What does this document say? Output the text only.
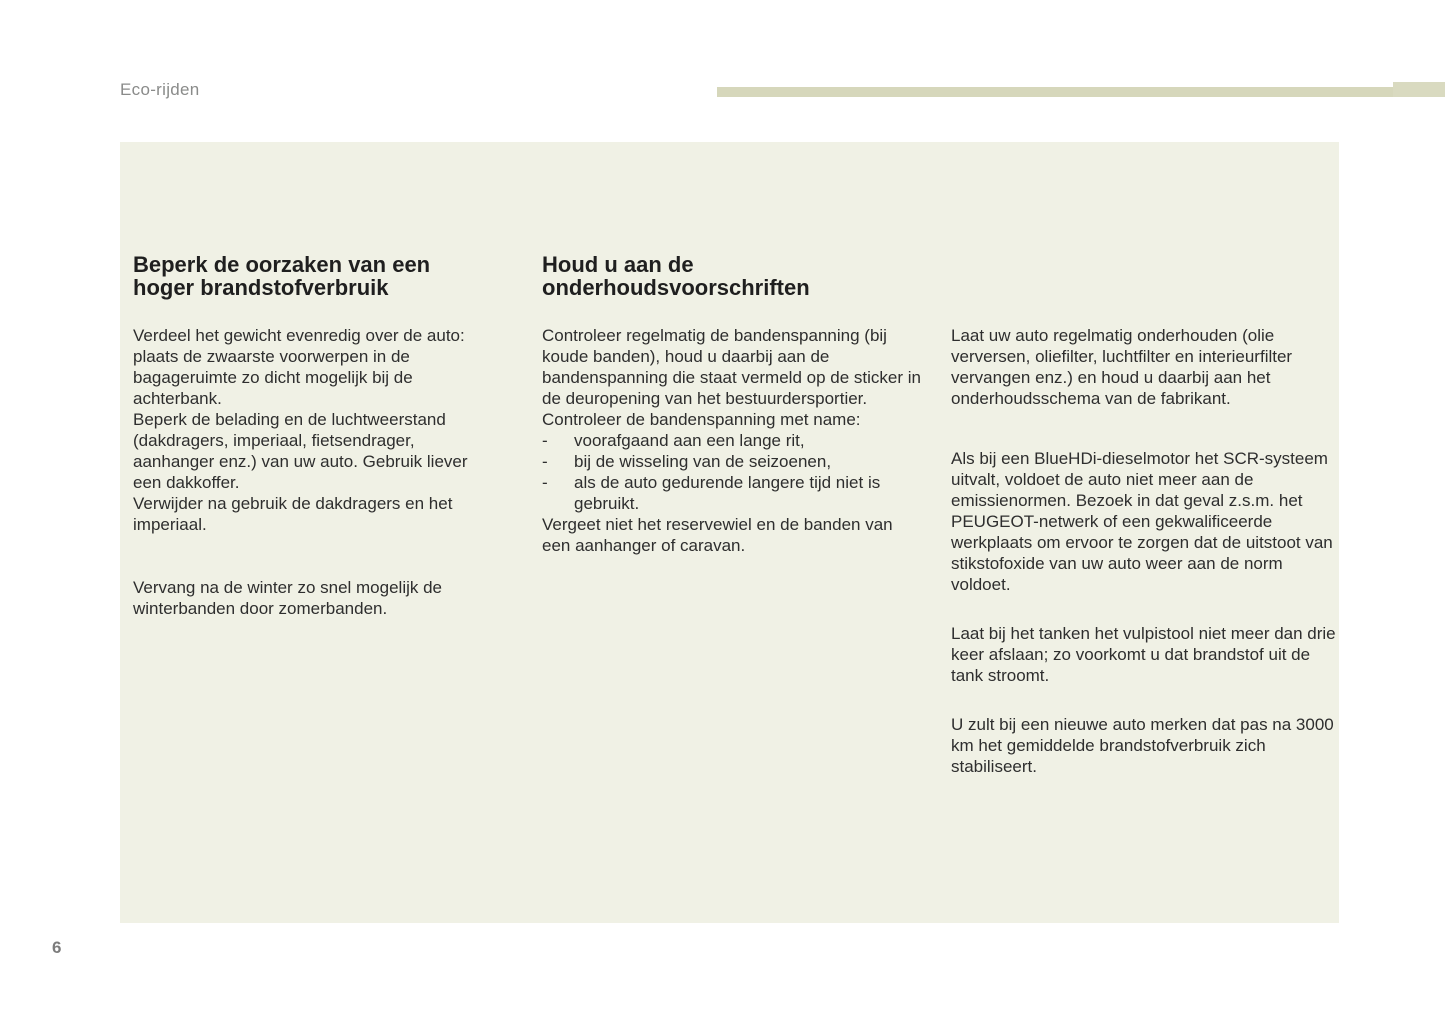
Eco-rijden
Beperk de oorzaken van een hoger brandstofverbruik

Verdeel het gewicht evenredig over de auto: plaats de zwaarste voorwerpen in de bagageruimte zo dicht mogelijk bij de achterbank.

Beperk de belading en de luchtweerstand (dakdragers, imperiaal, fietsendrager, aanhanger enz.) van uw auto. Gebruik liever een dakkoffer.

Verwijder na gebruik de dakdragers en het imperiaal.

Vervang na de winter zo snel mogelijk de winterbanden door zomerbanden.

Houd u aan de onderhoudsvoorschriften

Controleer regelmatig de bandenspanning (bij koude banden), houd u daarbij aan de bandenspanning die staat vermeld op de sticker in de deuropening van het bestuurdersportier.

Controleer de bandenspanning met name:

-	voorafgaand aan een lange rit,
-	bij de wisseling van de seizoenen,
-	als de auto gedurende langere tijd niet is gebruikt.

Vergeet niet het reservewiel en de banden van een aanhanger of caravan.

Laat uw auto regelmatig onderhouden (olie verversen, oliefilter, luchtfilter en interieurfilter vervangen enz.) en houd u daarbij aan het onderhoudsschema van de fabrikant.

Als bij een BlueHDi-dieselmotor het SCR-systeem uitvalt, voldoet de auto niet meer aan de emissienormen. Bezoek in dat geval z.s.m. het PEUGEOT-netwerk of een gekwalificeerde werkplaats om ervoor te zorgen dat de uitstoot van stikstofoxide van uw auto weer aan de norm voldoet.

Laat bij het tanken het vulpistool niet meer dan drie keer afslaan; zo voorkomt u dat brandstof uit de tank stroomt.

U zult bij een nieuwe auto merken dat pas na 3000 km het gemiddelde brandstofverbruik zich stabiliseert.

6
